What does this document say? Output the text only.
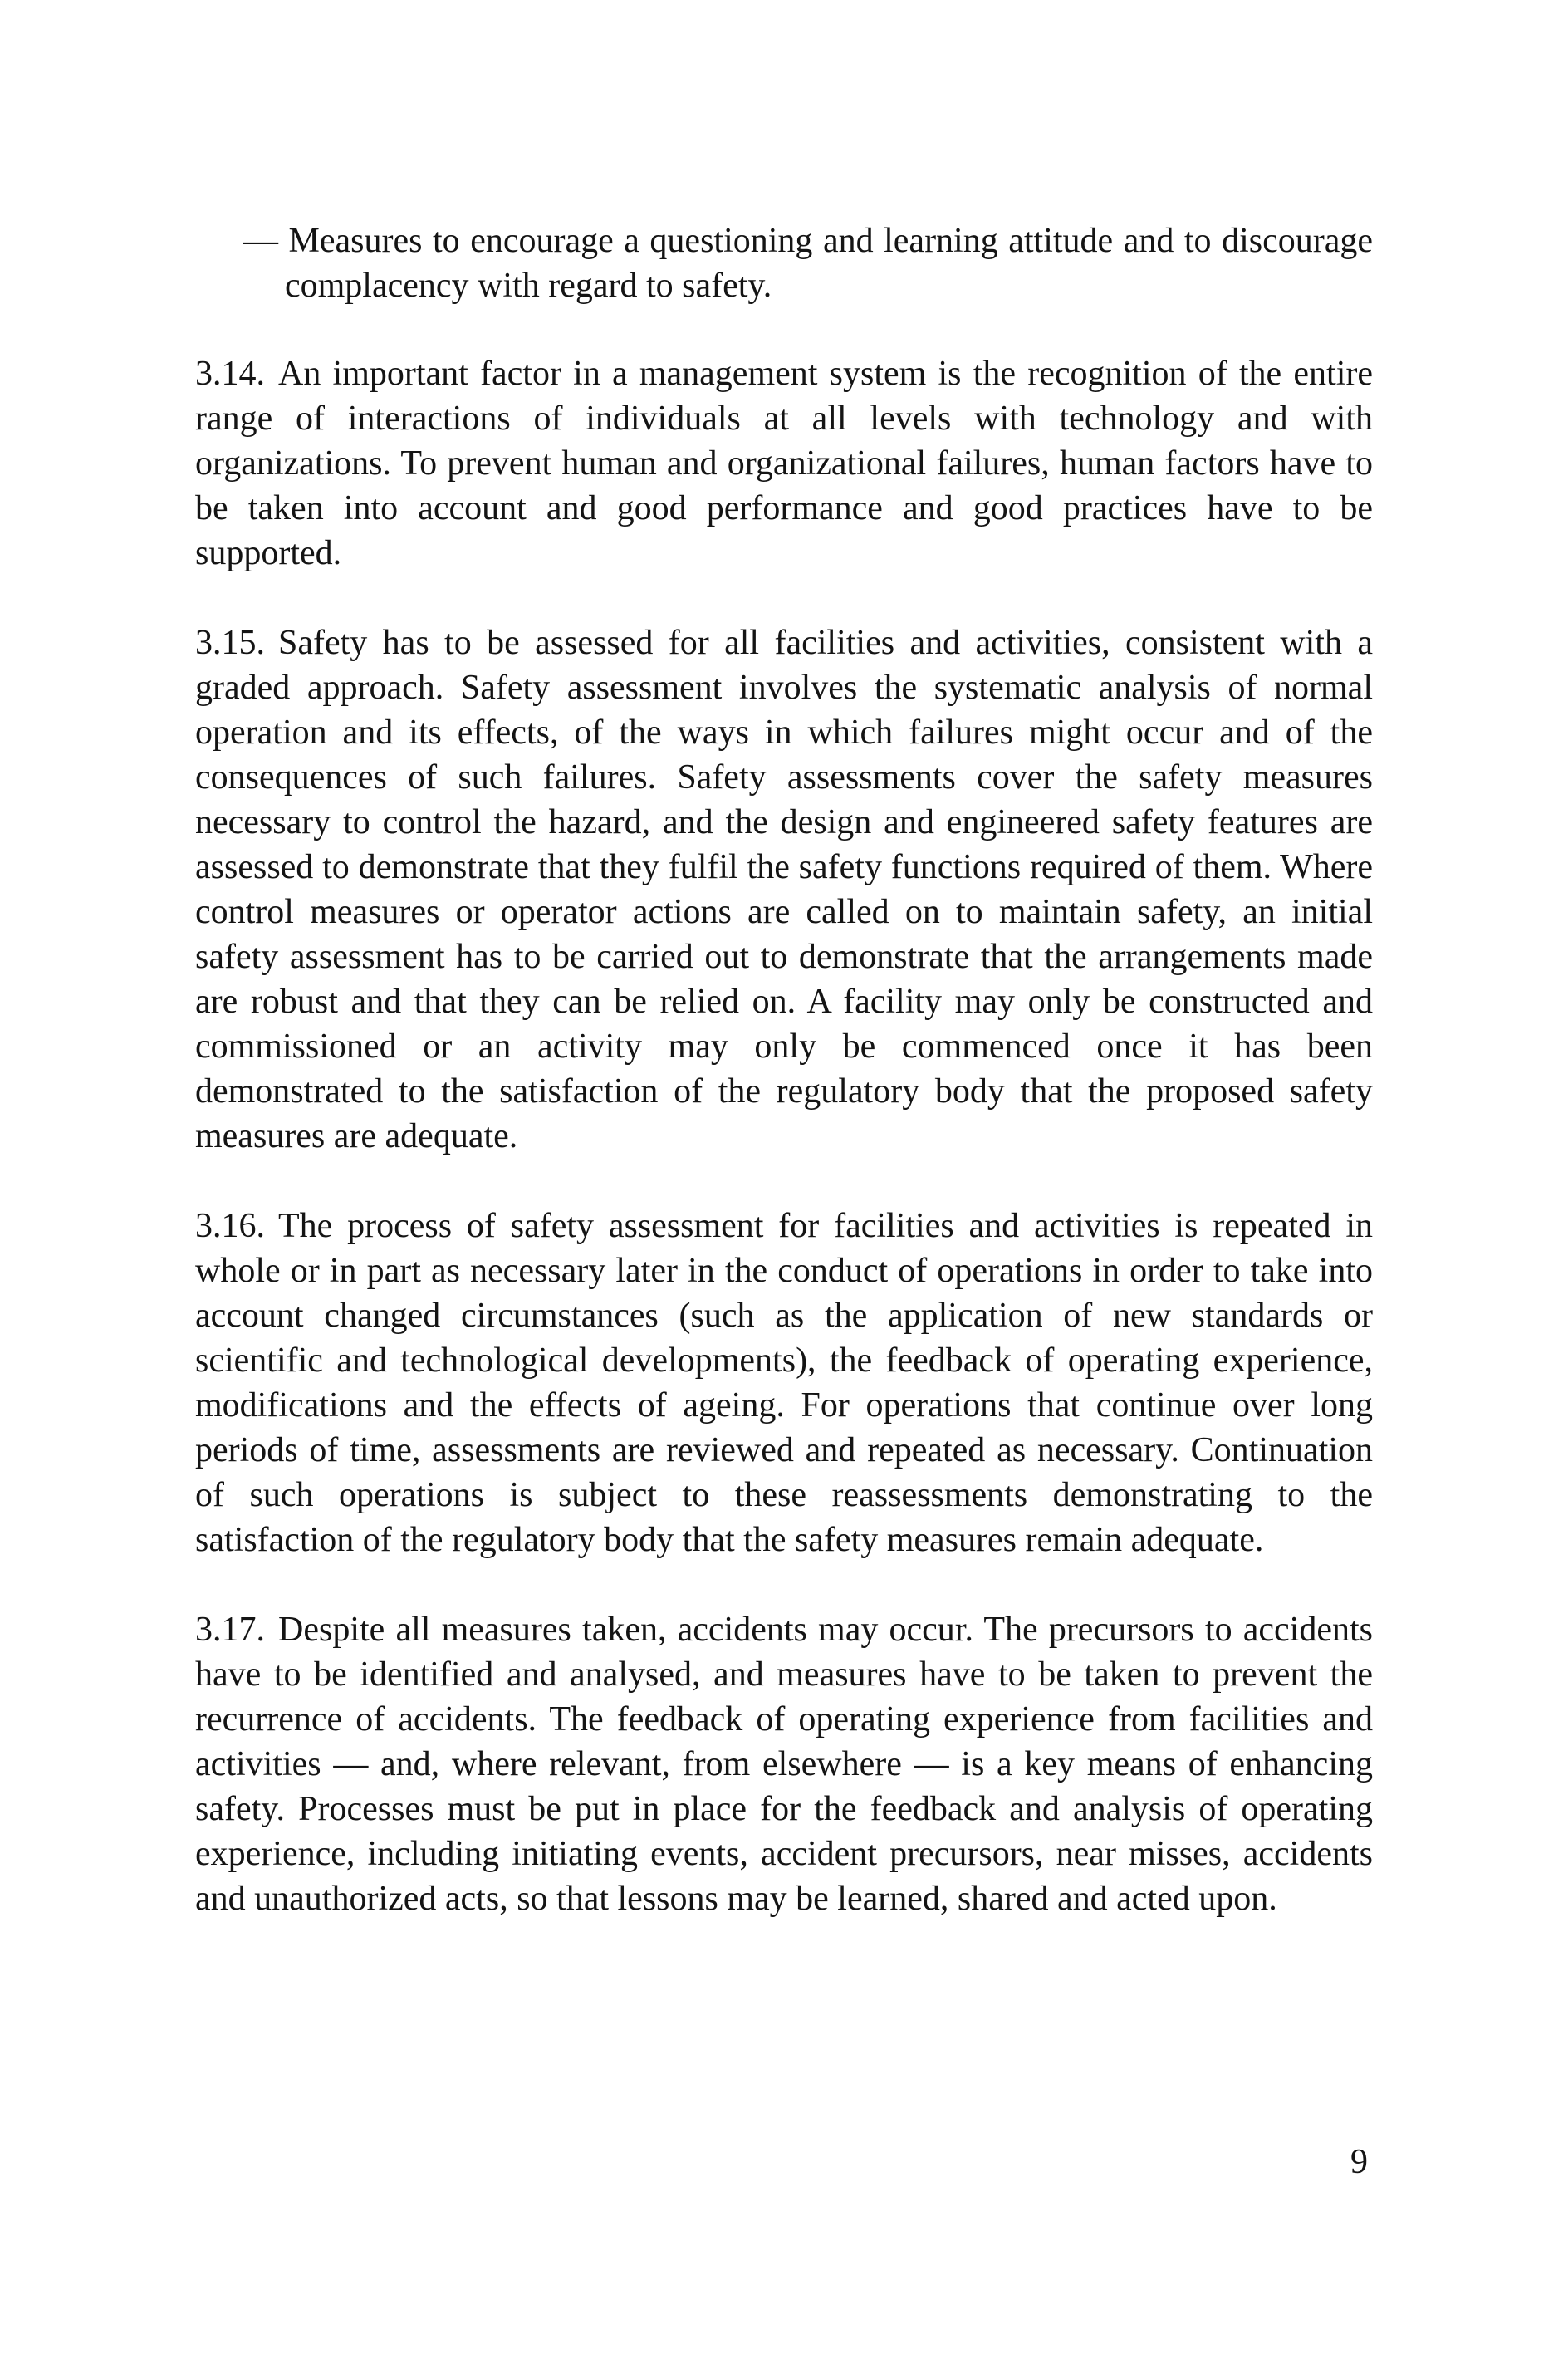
— Measures to encourage a questioning and learning attitude and to discourage complacency with regard to safety.

3.14. An important factor in a management system is the recognition of the entire range of interactions of individuals at all levels with technology and with organizations. To prevent human and organizational failures, human factors have to be taken into account and good performance and good practices have to be supported.

3.15. Safety has to be assessed for all facilities and activities, consistent with a graded approach. Safety assessment involves the systematic analysis of normal operation and its effects, of the ways in which failures might occur and of the consequences of such failures. Safety assessments cover the safety measures necessary to control the hazard, and the design and engineered safety features are assessed to demonstrate that they fulfil the safety functions required of them. Where control measures or operator actions are called on to maintain safety, an initial safety assessment has to be carried out to demonstrate that the arrangements made are robust and that they can be relied on. A facility may only be constructed and commissioned or an activity may only be commenced once it has been demonstrated to the satisfaction of the regulatory body that the proposed safety measures are adequate.

3.16. The process of safety assessment for facilities and activities is repeated in whole or in part as necessary later in the conduct of operations in order to take into account changed circumstances (such as the application of new standards or scientific and technological developments), the feedback of operating experience, modifications and the effects of ageing. For operations that continue over long periods of time, assessments are reviewed and repeated as necessary. Continuation of such operations is subject to these reassessments demonstrating to the satisfaction of the regulatory body that the safety measures remain adequate.

3.17. Despite all measures taken, accidents may occur. The precursors to accidents have to be identified and analysed, and measures have to be taken to prevent the recurrence of accidents. The feedback of operating experience from facilities and activities — and, where relevant, from elsewhere — is a key means of enhancing safety. Processes must be put in place for the feedback and analysis of operating experience, including initiating events, accident precursors, near misses, accidents and unauthorized acts, so that lessons may be learned, shared and acted upon.

9
